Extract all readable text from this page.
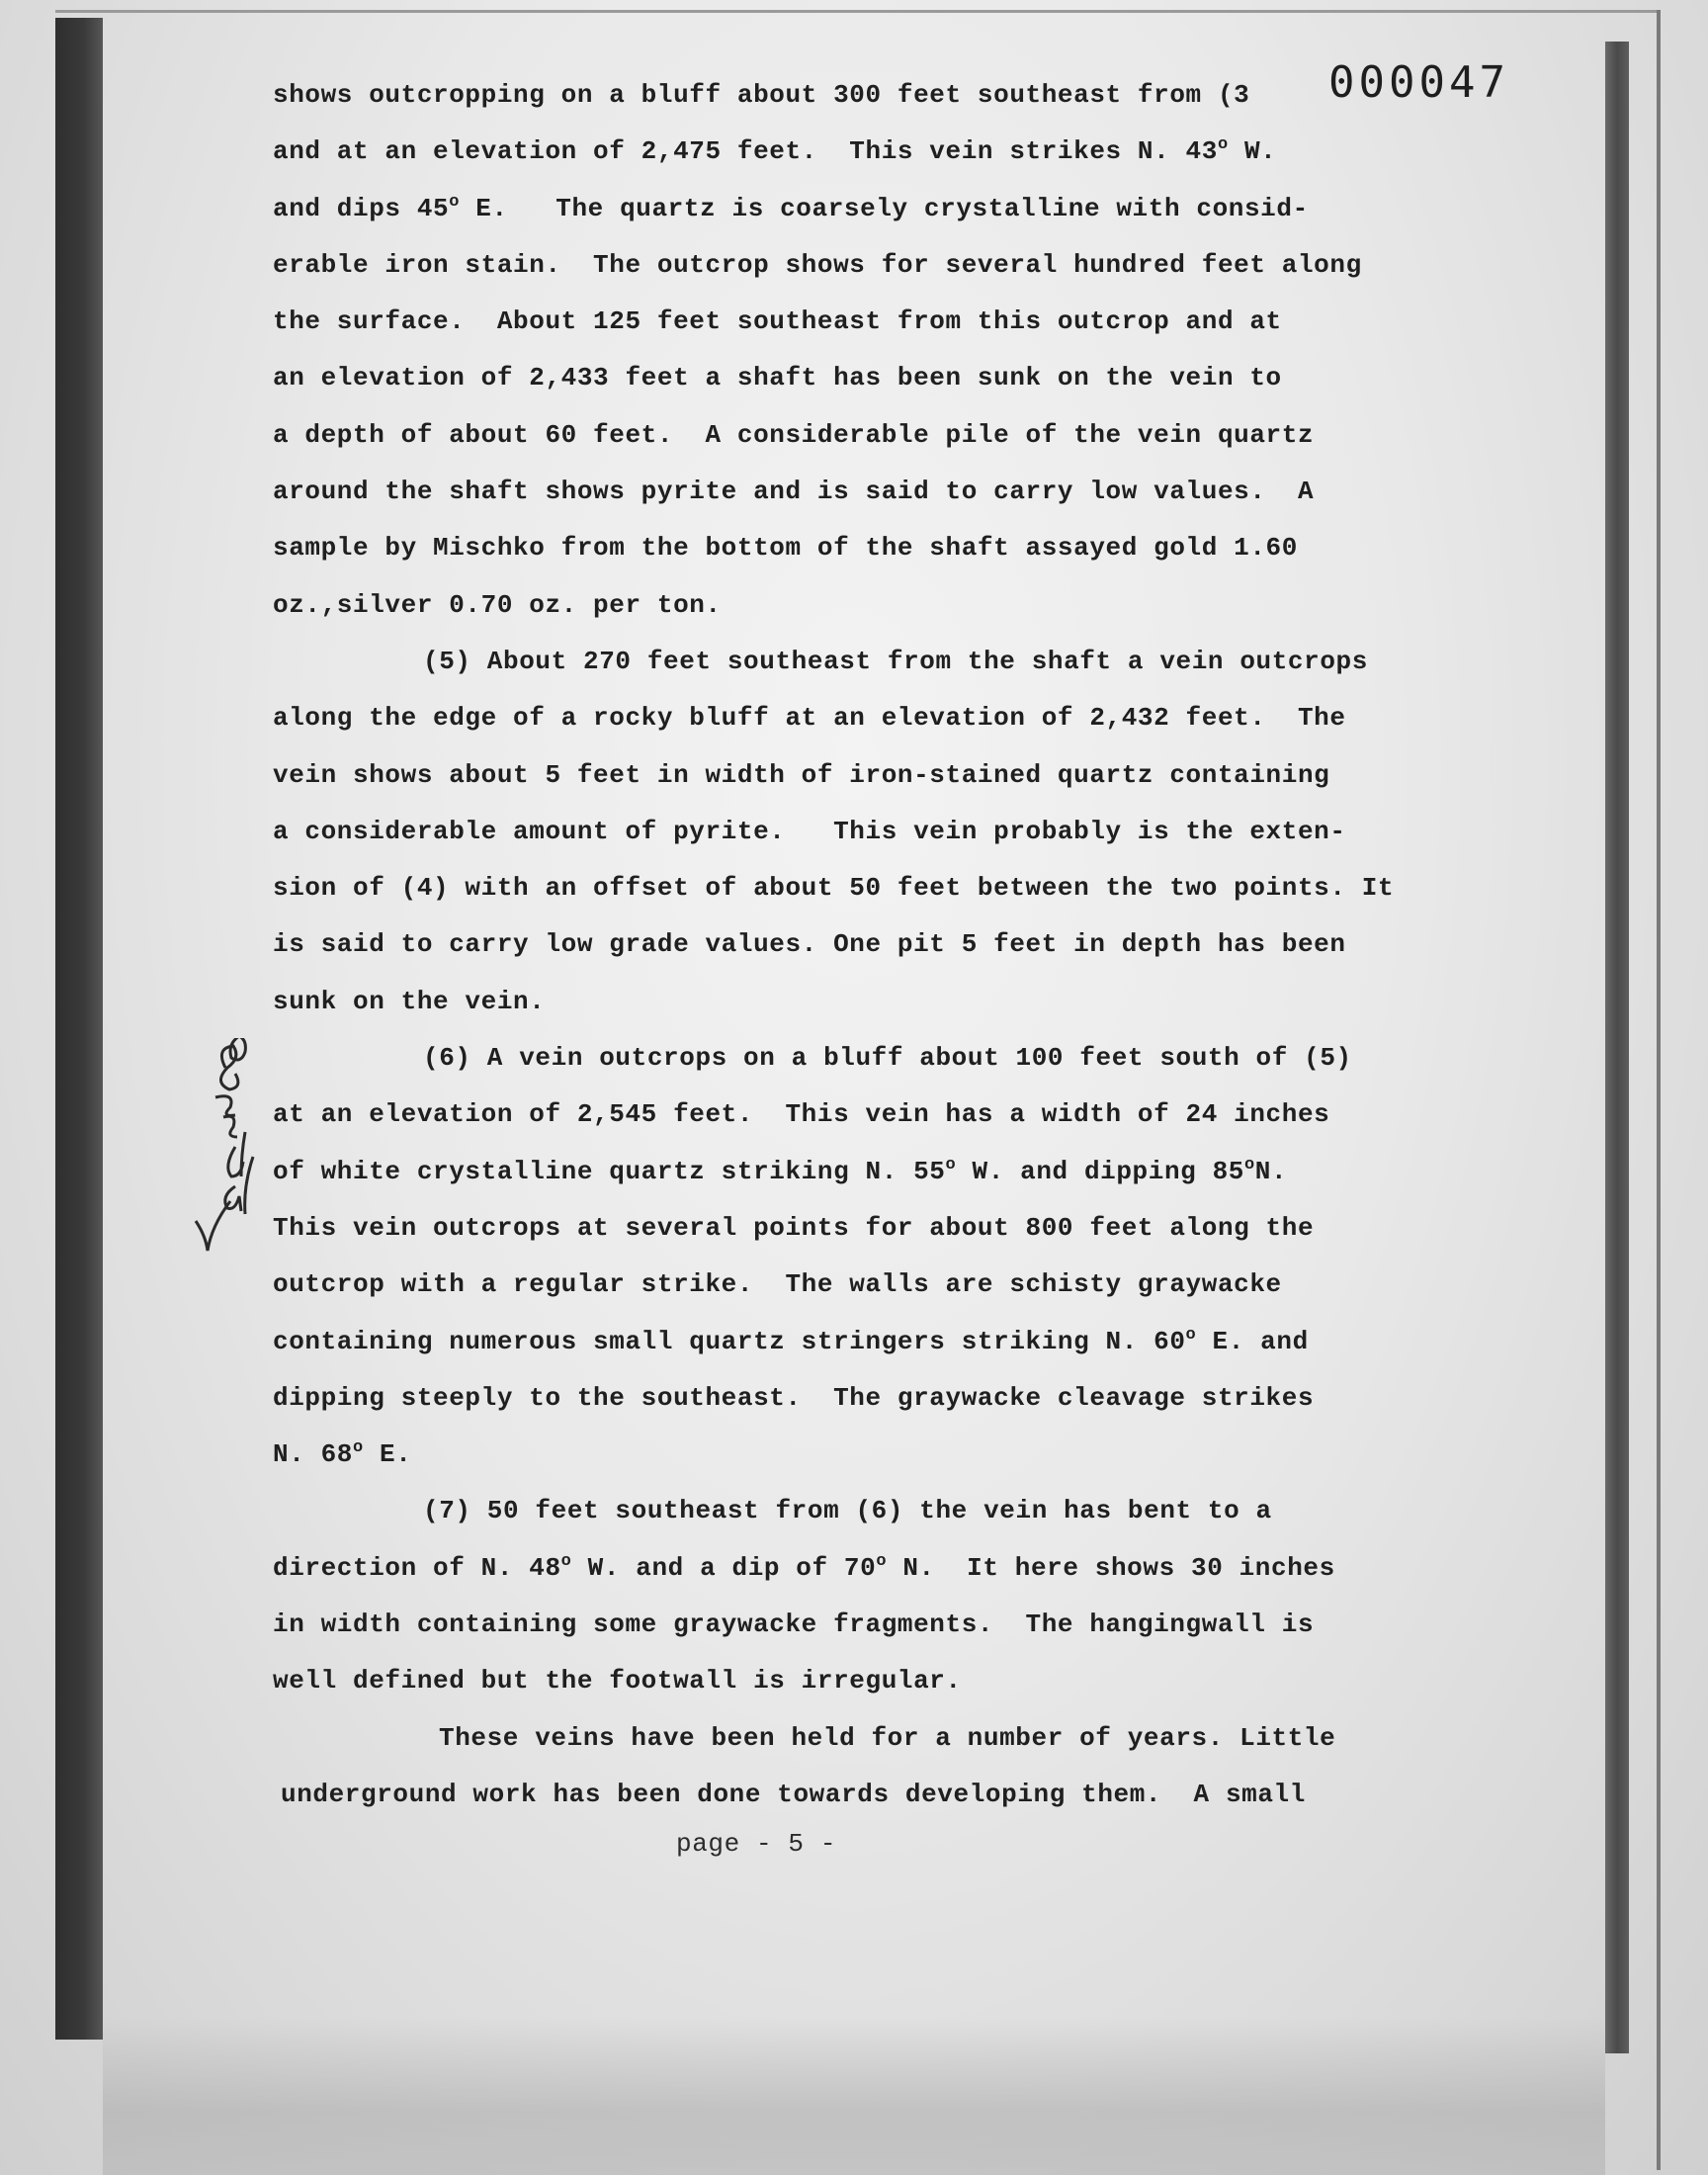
000047
shows outcropping on a bluff about 300 feet southeast from (3
and at an elevation of 2,475 feet.  This vein strikes N. 43$^o$ W.
and dips 45$^o$ E.   The quartz is coarsely crystalline with consid-
erable iron stain.  The outcrop shows for several hundred feet along
the surface.  About 125 feet southeast from this outcrop and at
an elevation of 2,433 feet a shaft has been sunk on the vein to
a depth of about 60 feet.  A considerable pile of the vein quartz
around the shaft shows pyrite and is said to carry low values.  A
sample by Mischko from the bottom of the shaft assayed gold 1.60
oz.,silver 0.70 oz. per ton.
(5) About 270 feet southeast from the shaft a vein outcrops
along the edge of a rocky bluff at an elevation of 2,432 feet.  The
vein shows about 5 feet in width of iron-stained quartz containing
a considerable amount of pyrite.   This vein probably is the exten-
sion of (4) with an offset of about 50 feet between the two points. It
is said to carry low grade values. One pit 5 feet in depth has been
sunk on the vein.
(6) A vein outcrops on a bluff about 100 feet south of (5)
at an elevation of 2,545 feet.  This vein has a width of 24 inches
of white crystalline quartz striking N. 55$^o$ W. and dipping 85$^o$N.
This vein outcrops at several points for about 800 feet along the
outcrop with a regular strike.  The walls are schisty graywacke
containing numerous small quartz stringers striking N. 60$^o$ E. and
dipping steeply to the southeast.  The graywacke cleavage strikes
N. 68$^o$ E.
(7) 50 feet southeast from (6) the vein has bent to a
direction of N. 48$^o$ W. and a dip of 70$^o$ N.  It here shows 30 inches
in width containing some graywacke fragments.  The hangingwall is
well defined but the footwall is irregular.
These veins have been held for a number of years. Little
underground work has been done towards developing them.  A small
page - 5 -
